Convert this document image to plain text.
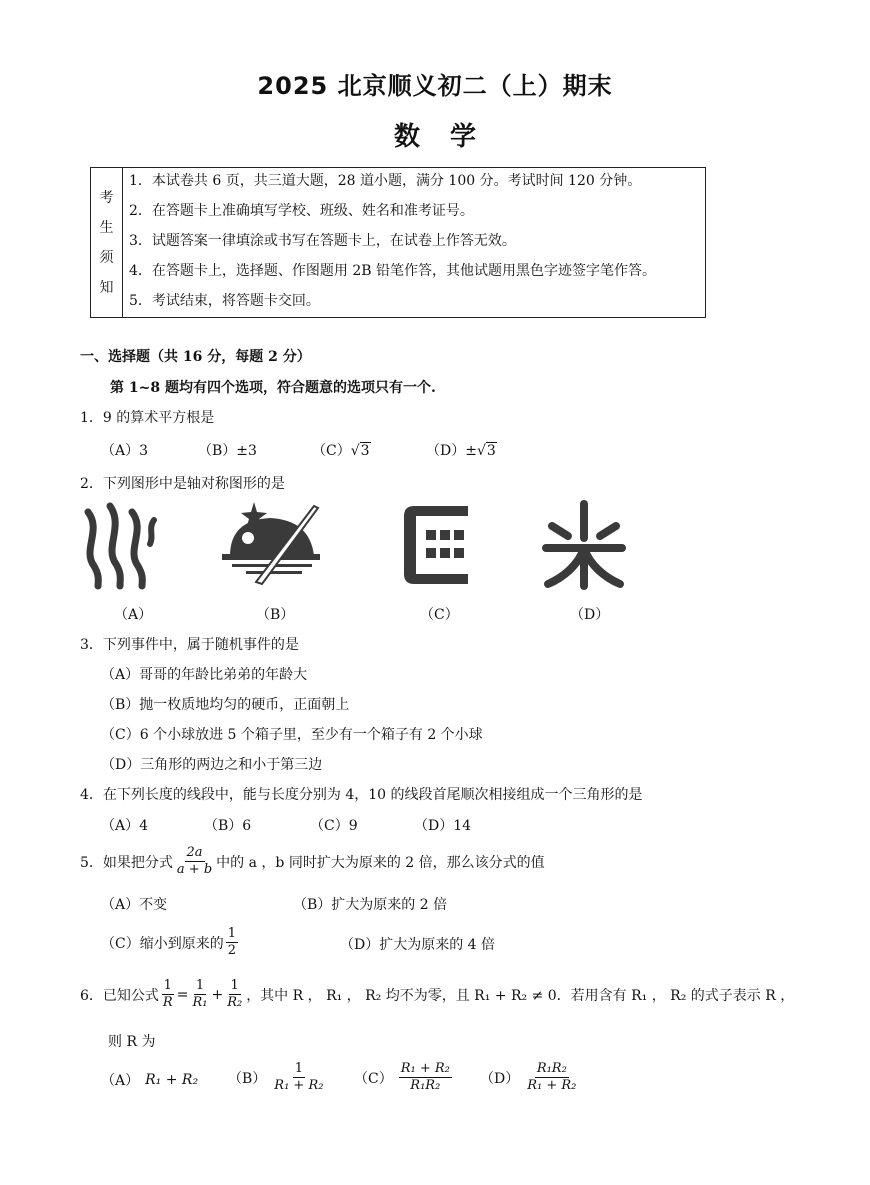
2025 北京顺义初二（上）期末
数学
考
生
须
知
1．本试卷共 6 页，共三道大题，28 道小题，满分 100 分。考试时间 120 分钟。
2．在答题卡上准确填写学校、班级、姓名和准考证号。
3．试题答案一律填涂或书写在答题卡上，在试卷上作答无效。
4．在答题卡上，选择题、作图题用 2B 铅笔作答，其他试题用黑色字迹签字笔作答。
5．考试结束，将答题卡交回。
一、选择题（共 16 分，每题 2 分）
第 1~8 题均有四个选项，符合题意的选项只有一个.
1．9 的算术平方根是
（A）3	（B）±3	（C）√3	（D）±√3
2．下列图形中是轴对称图形的是
（A）	（B）	（C）	（D）
3．下列事件中，属于随机事件的是
（A）哥哥的年龄比弟弟的年龄大
（B）抛一枚质地均匀的硬币，正面朝上
（C）6 个小球放进 5 个箱子里，至少有一个箱子有 2 个小球
（D）三角形的两边之和小于第三边
4．在下列长度的线段中，能与长度分别为 4，10 的线段首尾顺次相接组成一个三角形的是
（A）4	（B）6	（C）9	（D）14
5．如果把分式 $\frac{2a}{a + b}$ 中的 a ，b 同时扩大为原来的 2 倍，那么该分式的值
（A）不变	（B）扩大为原来的 2 倍
（C）缩小到原来的 $\frac{1}{2}$	（D）扩大为原来的 4 倍
6．已知公式 $\frac{1}{R} = \frac{1}{\text{R₁}} + \frac{1}{\text{R₂}}$ ，其中 R ， R₁ ， R₂ 均不为零，且 R₁ + R₂ ≠ 0．若用含有 R₁ ， R₂ 的式子表示 R ，
则 R 为
（A） R₁ + R₂ $(B) \frac{1}{\text{R₁ + R₂}} (C) \frac{\text{R₁ + R₂}}{\text{R₁R₂}} (D) \frac{\text{R₁R₂}}{\text{R₁ + R₂}}$
